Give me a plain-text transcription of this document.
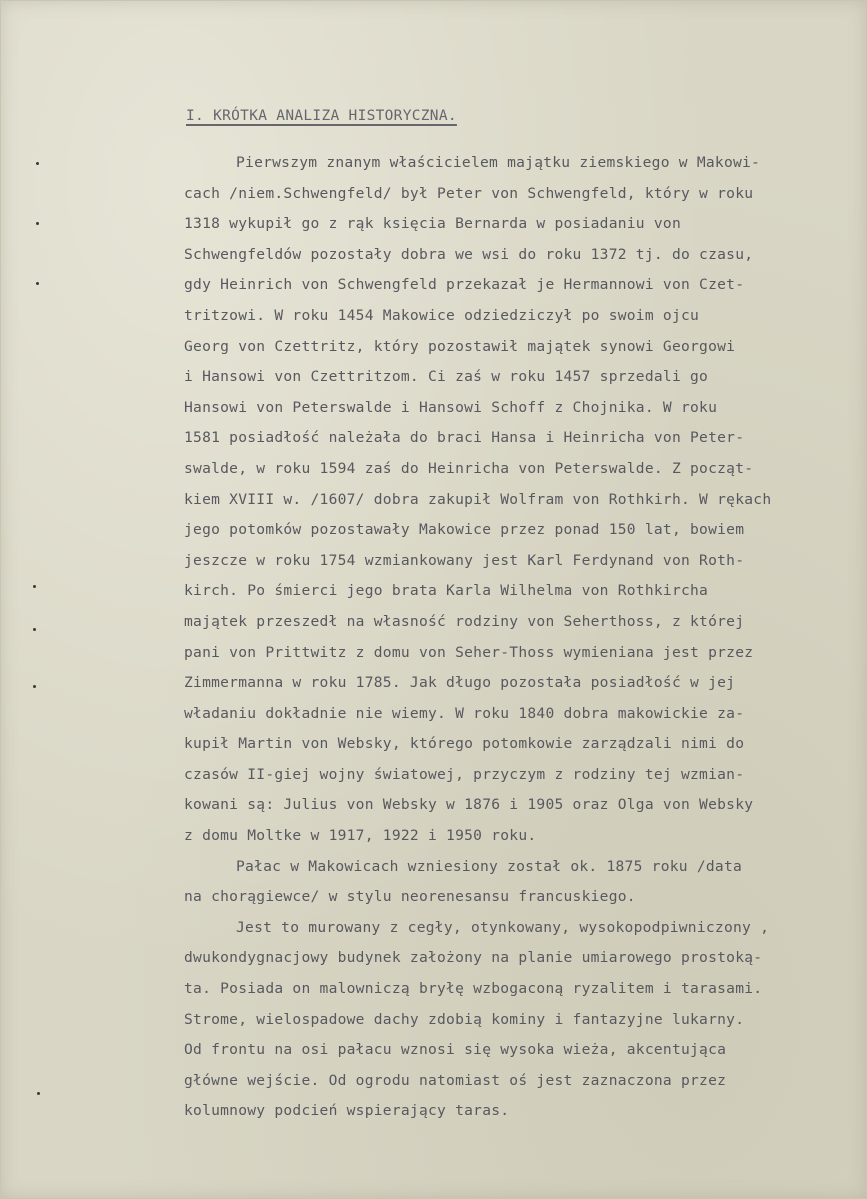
I. KRÓTKA ANALIZA HISTORYCZNA.
Pierwszym znanym właścicielem majątku ziemskiego w Makowi-
cach /niem.Schwengfeld/ był Peter von Schwengfeld, który w roku
1318 wykupił go z rąk księcia Bernarda w posiadaniu von
Schwengfeldów pozostały dobra we wsi do roku 1372 tj. do czasu,
gdy Heinrich von Schwengfeld przekazał je Hermannowi von Czet-
tritzowi. W roku 1454 Makowice odziedziczył po swoim ojcu
Georg von Czettritz, który pozostawił majątek synowi Georgowi
i Hansowi von Czettritzom. Ci zaś w roku 1457 sprzedali go
Hansowi von Peterswalde i Hansowi Schoff z Chojnika. W roku
1581 posiadłość należała do braci Hansa i Heinricha von Peter-
swalde, w roku 1594 zaś do Heinricha von Peterswalde. Z począt-
kiem XVIII w. /1607/ dobra zakupił Wolfram von Rothkirh. W rękach
jego potomków pozostawały Makowice przez ponad 150 lat, bowiem
jeszcze w roku 1754 wzmiankowany jest Karl Ferdynand von Roth-
kirch. Po śmierci jego brata Karla Wilhelma von Rothkircha
majątek przeszedł na własność rodziny von Seherthoss, z której
pani von Prittwitz z domu von Seher-Thoss wymieniana jest przez
Zimmermanna w roku 1785. Jak długo pozostała posiadłość w jej
władaniu dokładnie nie wiemy. W roku 1840 dobra makowickie za-
kupił Martin von Websky, którego potomkowie zarządzali nimi do
czasów II-giej wojny światowej, przyczym z rodziny tej wzmian-
kowani są: Julius von Websky w 1876 i 1905 oraz Olga von Websky
z domu Moltke w 1917, 1922 i 1950 roku.
Pałac w Makowicach wzniesiony został ok. 1875 roku /data
na chorągiewce/ w stylu neorenesansu francuskiego.
Jest to murowany z cegły, otynkowany, wysokopodpiwniczony ,
dwukondygnacjowy budynek założony na planie umiarowego prostoką-
ta. Posiada on malowniczą bryłę wzbogaconą ryzalitem i tarasami.
Strome, wielospadowe dachy zdobią kominy i fantazyjne lukarny.
Od frontu na osi pałacu wznosi się wysoka wieża, akcentująca
główne wejście. Od ogrodu natomiast oś jest zaznaczona przez
kolumnowy podcień wspierający taras.
